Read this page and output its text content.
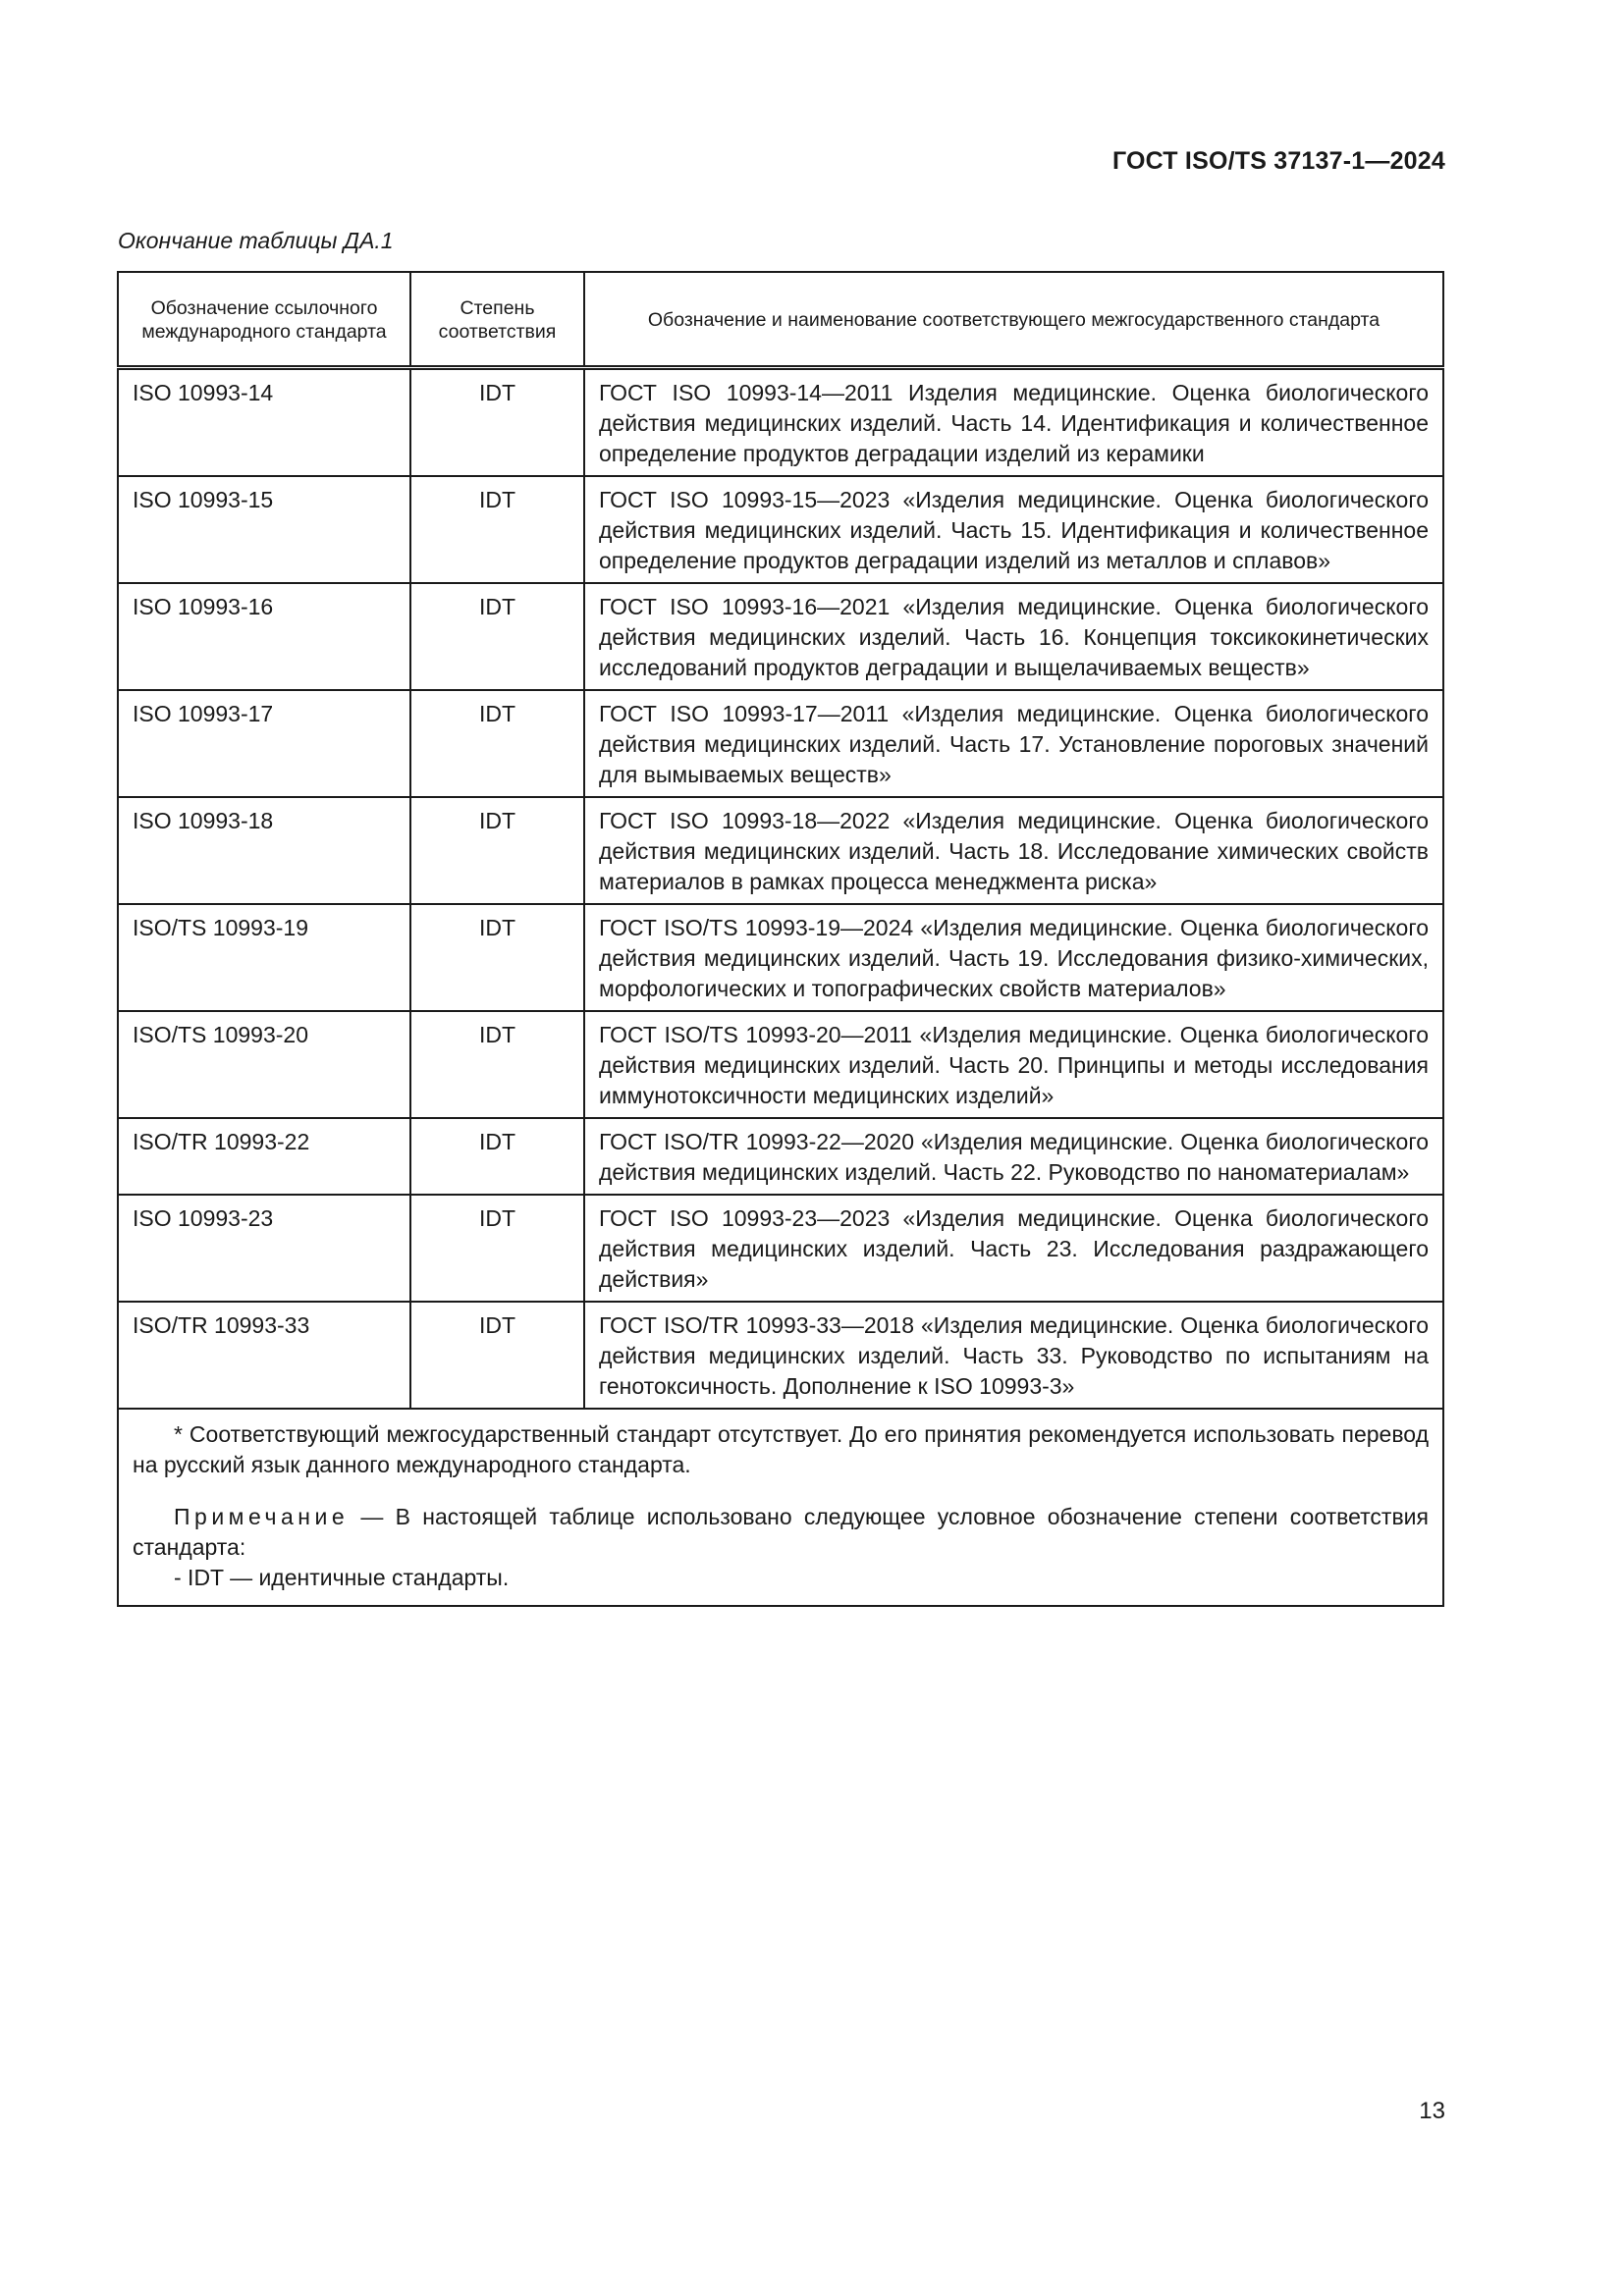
ГОСТ ISO/TS 37137-1—2024
Окончание таблицы ДА.1
Обозначение ссылочного международного стандарта	Степень соответствия	Обозначение и наименование соответствующего межгосударственного стандарта
ISO 10993-14	IDT	ГОСТ ISO 10993-14—2011 Изделия медицинские. Оценка биологического действия медицинских изделий. Часть 14. Идентификация и количественное определение продуктов деградации изделий из керамики
ISO 10993-15	IDT	ГОСТ ISO 10993-15—2023 «Изделия медицинские. Оценка биологического действия медицинских изделий. Часть 15. Идентификация и количественное определение продуктов деградации изделий из металлов и сплавов»
ISO 10993-16	IDT	ГОСТ ISO 10993-16—2021 «Изделия медицинские. Оценка биологического действия медицинских изделий. Часть 16. Концепция токсикокинетических исследований продуктов деградации и выщелачиваемых веществ»
ISO 10993-17	IDT	ГОСТ ISO 10993-17—2011 «Изделия медицинские. Оценка биологического действия медицинских изделий. Часть 17. Установление пороговых значений для вымываемых веществ»
ISO 10993-18	IDT	ГОСТ ISO 10993-18—2022 «Изделия медицинские. Оценка биологического действия медицинских изделий. Часть 18. Исследование химических свойств материалов в рамках процесса менеджмента риска»
ISO/TS 10993-19	IDT	ГОСТ ISO/TS 10993-19—2024 «Изделия медицинские. Оценка биологического действия медицинских изделий. Часть 19. Исследования физико-химических, морфологических и топографических свойств материалов»
ISO/TS 10993-20	IDT	ГОСТ ISO/TS 10993-20—2011 «Изделия медицинские. Оценка биологического действия медицинских изделий. Часть 20. Принципы и методы исследования иммунотоксичности медицинских изделий»
ISO/TR 10993-22	IDT	ГОСТ ISO/TR 10993-22—2020 «Изделия медицинские. Оценка биологического действия медицинских изделий. Часть 22. Руководство по наноматериалам»
ISO 10993-23	IDT	ГОСТ ISO 10993-23—2023 «Изделия медицинские. Оценка биологического действия медицинских изделий. Часть 23. Исследования раздражающего действия»
ISO/TR 10993-33	IDT	ГОСТ ISO/TR 10993-33—2018 «Изделия медицинские. Оценка биологического действия медицинских изделий. Часть 33. Руководство по испытаниям на генотоксичность. Дополнение к ISO 10993-3»

* Соответствующий межгосударственный стандарт отсутствует. До его принятия рекомендуется использовать перевод на русский язык данного международного стандарта.
Примечание — В настоящей таблице использовано следующее условное обозначение степени соответствия стандарта:
- IDT — идентичные стандарты.		
13
